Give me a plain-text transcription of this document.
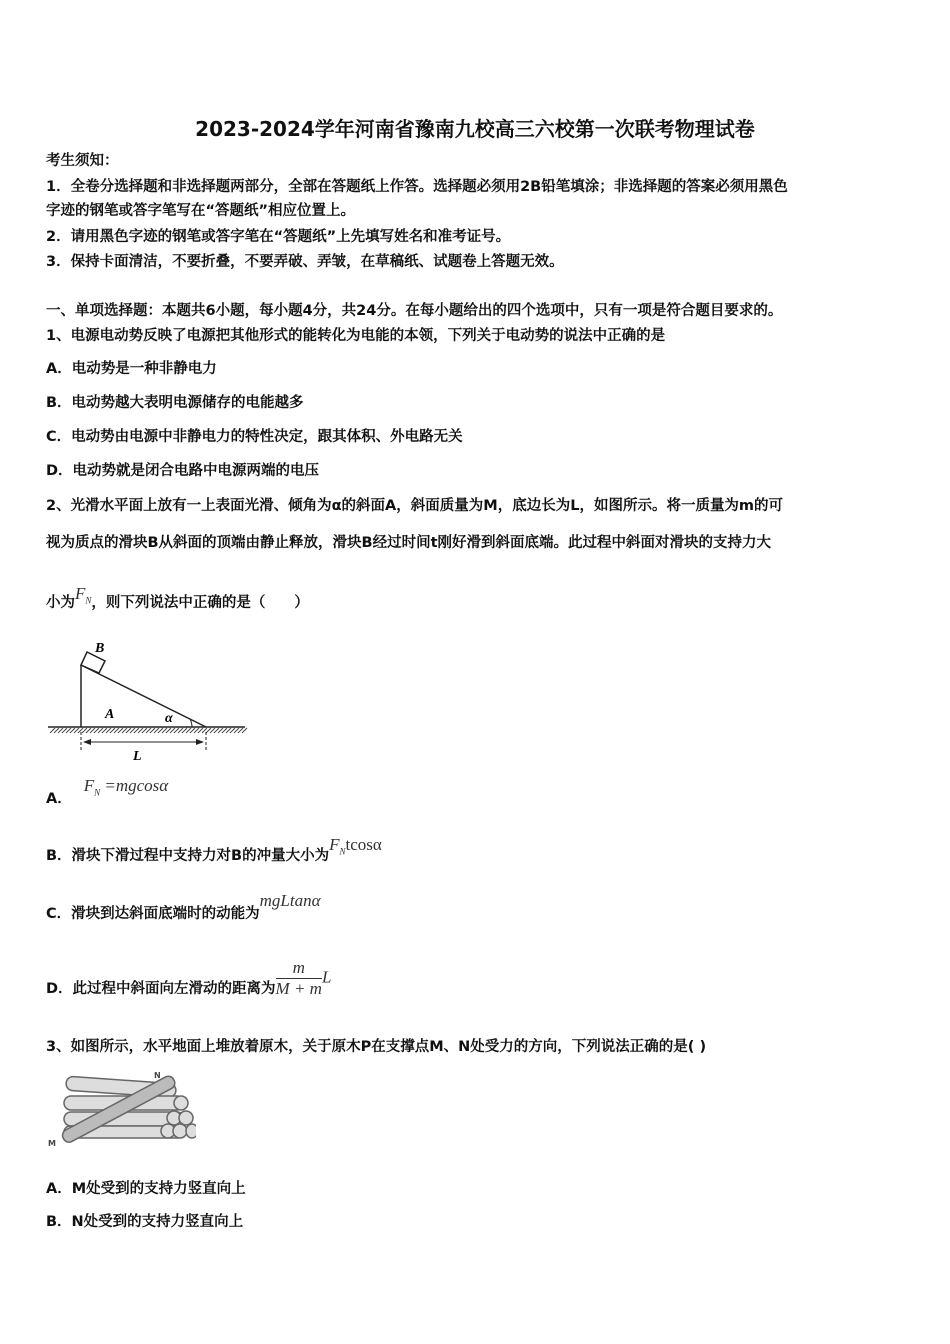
2023-2024学年河南省豫南九校高三六校第一次联考物理试卷
考生须知：
1．全卷分选择题和非选择题两部分，全部在答题纸上作答。选择题必须用2B铅笔填涂；非选择题的答案必须用黑色
字迹的钢笔或答字笔写在“答题纸”相应位置上。
2．请用黑色字迹的钢笔或答字笔在“答题纸”上先填写姓名和准考证号。
3．保持卡面清洁，不要折叠，不要弄破、弄皱，在草稿纸、试题卷上答题无效。
一、单项选择题：本题共6小题，每小题4分，共24分。在每小题给出的四个选项中，只有一项是符合题目要求的。
1、电源电动势反映了电源把其他形式的能转化为电能的本领，下列关于电动势的说法中正确的是
A．电动势是一种非静电力
B．电动势越大表明电源储存的电能越多
C．电动势由电源中非静电力的特性决定，跟其体积、外电路无关
D．电动势就是闭合电路中电源两端的电压
2、光滑水平面上放有一上表面光滑、倾角为α的斜面A，斜面质量为M，底边长为L，如图所示。将一质量为m的可
视为质点的滑块B从斜面的顶端由静止释放，滑块B经过时间t刚好滑到斜面底端。此过程中斜面对滑块的支持力大
小为$F_N$，则下列说法中正确的是（　　）
B
A	α
L
A．$F_N =mgcos\alpha$
B．滑块下滑过程中支持力对B的冲量大小为$F_Ntcos\alpha$
C．滑块到达斜面底端时的动能为mgLtanα
D．此过程中斜面向左滑动的距离为 $\frac{m}{M + m}$ L
3、如图所示，水平地面上堆放着原木，关于原木P在支撑点M、N处受力的方向，下列说法正确的是( )
M
N
A．M处受到的支持力竖直向上
B．N处受到的支持力竖直向上
